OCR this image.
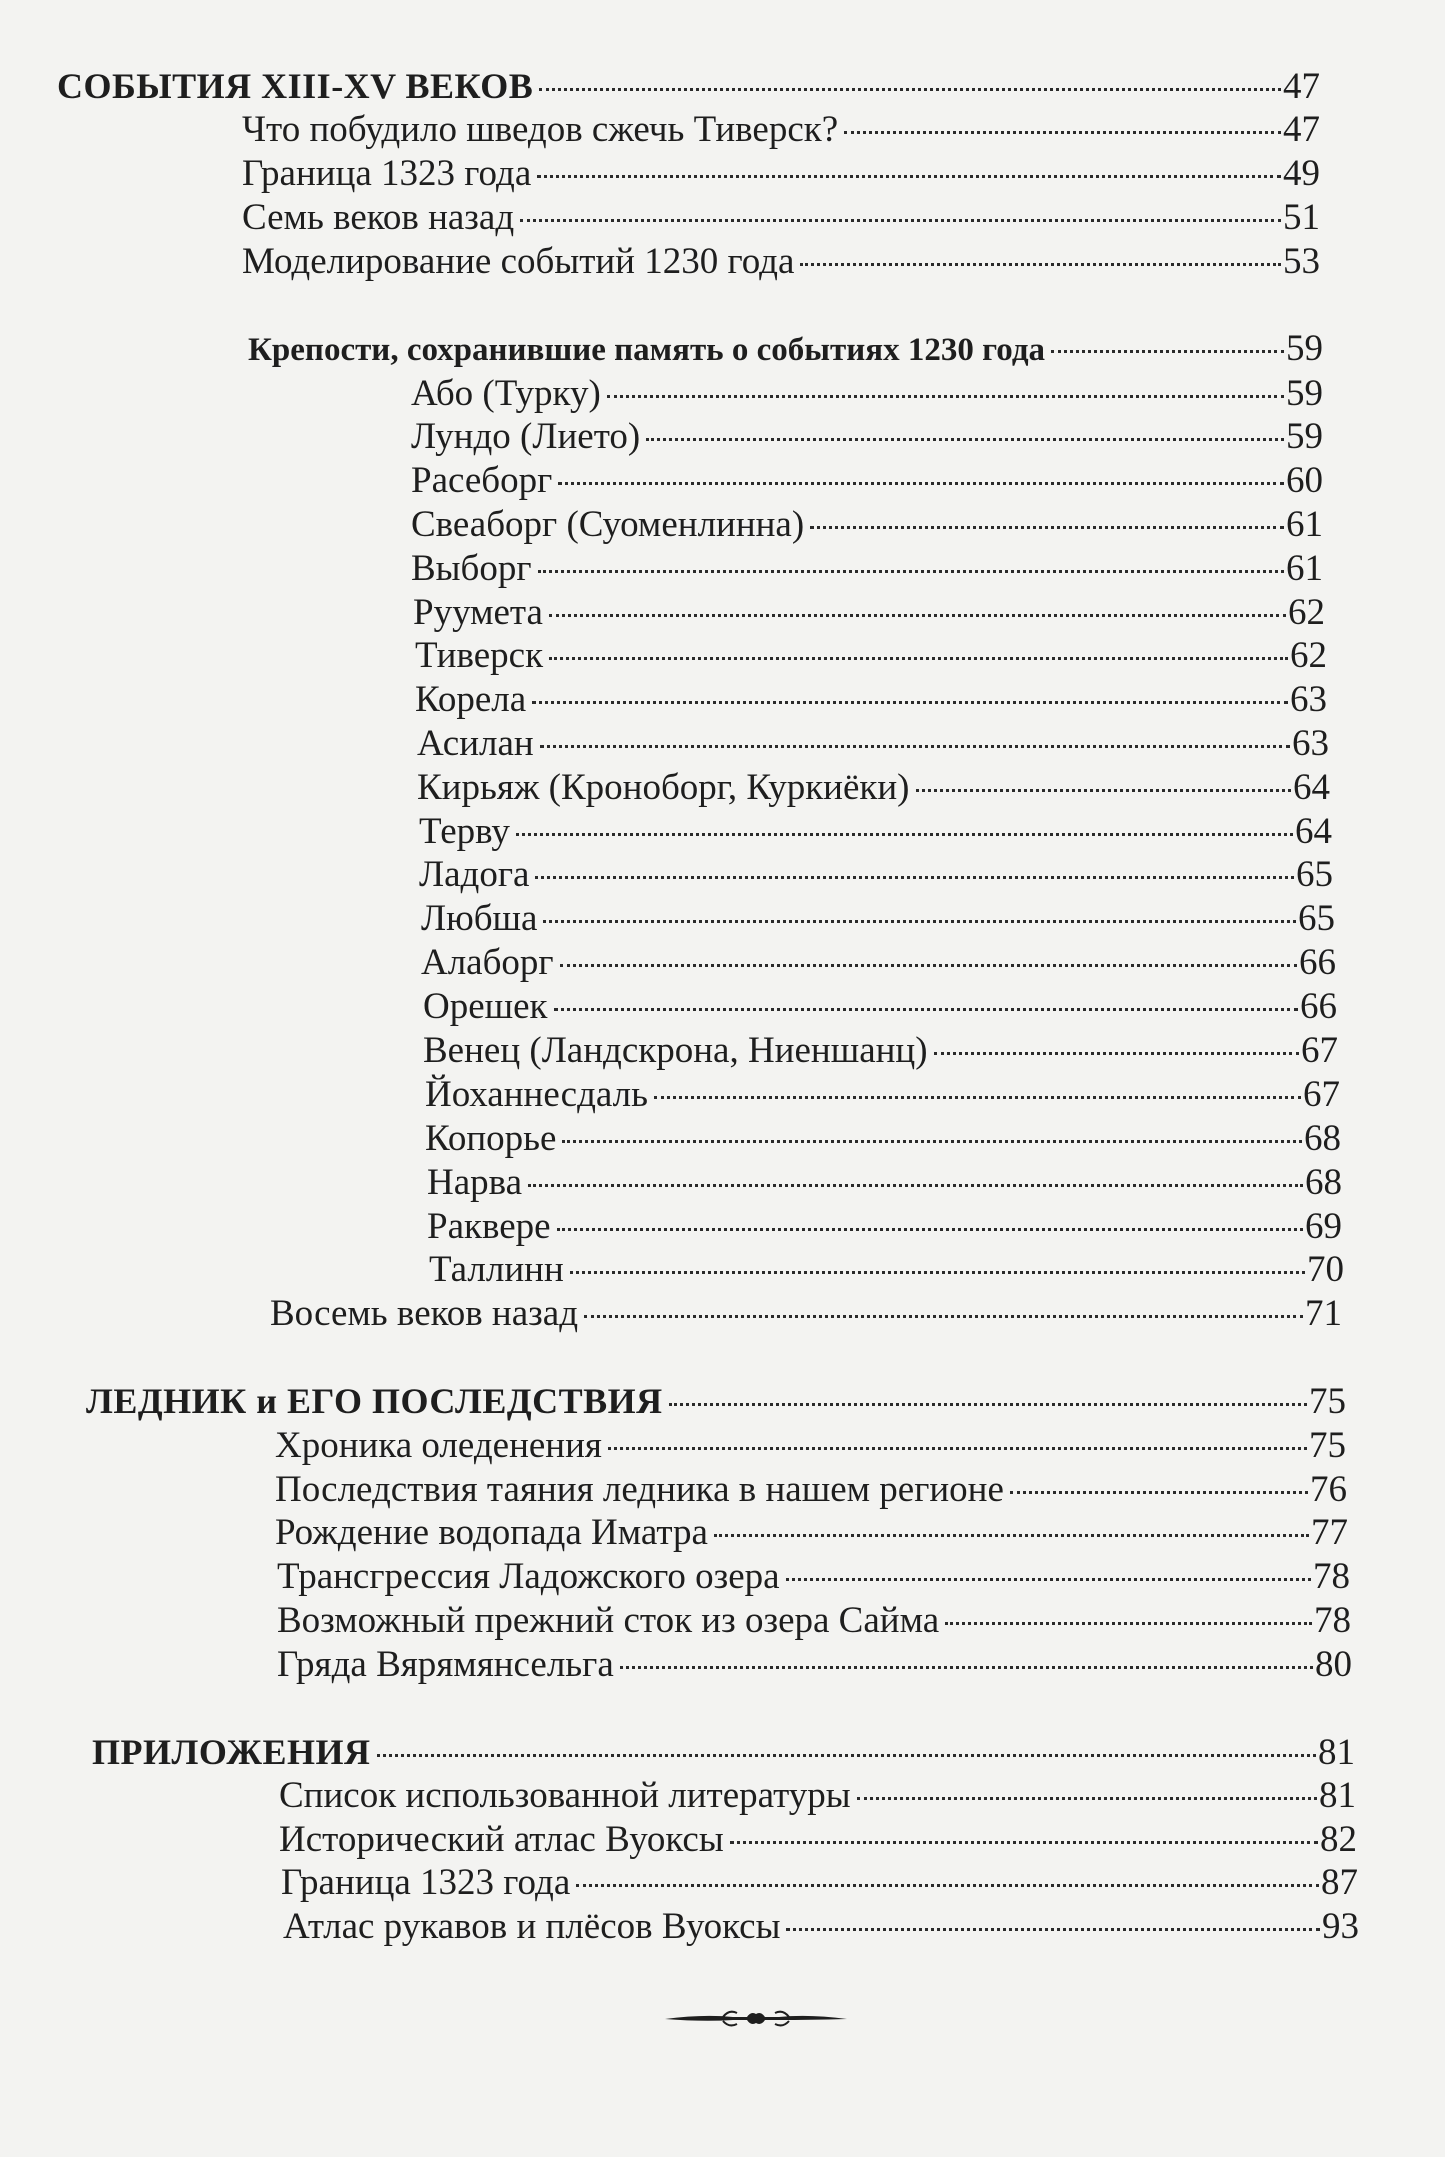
СОБЫТИЯ XIII-XV ВЕКОВ	47
Что побудило шведов сжечь Тиверск?	47
Граница 1323 года	49
Семь веков назад	51
Моделирование событий 1230 года	53
Крепости, сохранившие память о событиях 1230 года	59
Або (Турку)	59
Лундо (Лието)	59
Расеборг	60
Свеаборг (Суоменлинна)	61
Выборг	61
Руумета	62
Тиверск	62
Корела	63
Асилан	63
Кирьяж (Кроноборг, Куркиёки)	64
Терву	64
Ладога	65
Любша	65
Алаборг	66
Орешек	66
Венец (Ландскрона, Ниеншанц)	67
Йоханнесдаль	67
Копорье	68
Нарва	68
Раквере	69
Таллинн	70
Восемь веков назад	71
ЛЕДНИК и ЕГО ПОСЛЕДСТВИЯ	75
Хроника оледенения	75
Последствия таяния ледника в нашем регионе	76
Рождение водопада Иматра	77
Трансгрессия Ладожского озера	78
Возможный прежний сток из озера Сайма	78
Гряда Вярямянсельга	80
ПРИЛОЖЕНИЯ	81
Список использованной литературы	81
Исторический атлас Вуоксы	82
Граница 1323 года	87
Атлас рукавов и плёсов Вуоксы	93
